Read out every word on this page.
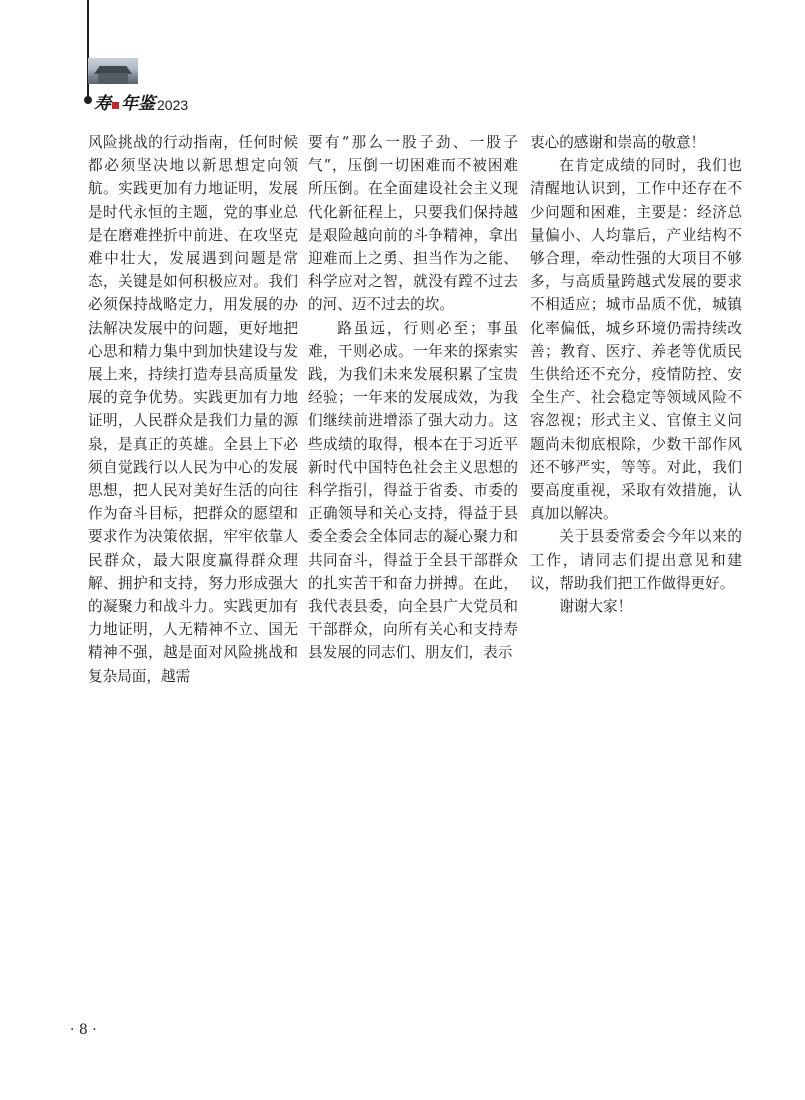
寿 年鉴 2023

风险挑战的行动指南，任何时候都必须坚决地以新思想定向领航。实践更加有力地证明，发展是时代永恒的主题，党的事业总是在磨难挫折中前进、在攻坚克难中壮大，发展遇到问题是常态，关键是如何积极应对。我们必须保持战略定力，用发展的办法解决发展中的问题，更好地把心思和精力集中到加快建设与发展上来，持续打造寿县高质量发展的竞争优势。实践更加有力地证明，人民群众是我们力量的源泉，是真正的英雄。全县上下必须自觉践行以人民为中心的发展思想，把人民对美好生活的向往作为奋斗目标，把群众的愿望和要求作为决策依据，牢牢依靠人民群众，最大限度赢得群众理解、拥护和支持，努力形成强大的凝聚力和战斗力。实践更加有力地证明，人无精神不立、国无精神不强，越是面对风险挑战和复杂局面，越需

要有“那么一股子劲、一股子气”，压倒一切困难而不被困难所压倒。在全面建设社会主义现代化新征程上，只要我们保持越是艰险越向前的斗争精神，拿出迎难而上之勇、担当作为之能、科学应对之智，就没有蹚不过去的河、迈不过去的坎。

路虽远，行则必至；事虽难，干则必成。一年来的探索实践，为我们未来发展积累了宝贵经验；一年来的发展成效，为我们继续前进增添了强大动力。这些成绩的取得，根本在于习近平新时代中国特色社会主义思想的科学指引，得益于省委、市委的正确领导和关心支持，得益于县委全委会全体同志的凝心聚力和共同奋斗，得益于全县干部群众的扎实苦干和奋力拼搏。在此，我代表县委，向全县广大党员和干部群众，向所有关心和支持寿县发展的同志们、朋友们，表示

衷心的感谢和崇高的敬意！

在肯定成绩的同时，我们也清醒地认识到，工作中还存在不少问题和困难，主要是：经济总量偏小、人均靠后，产业结构不够合理，牵动性强的大项目不够多，与高质量跨越式发展的要求不相适应；城市品质不优，城镇化率偏低，城乡环境仍需持续改善；教育、医疗、养老等优质民生供给还不充分，疫情防控、安全生产、社会稳定等领域风险不容忽视；形式主义、官僚主义问题尚未彻底根除，少数干部作风还不够严实，等等。对此，我们要高度重视，采取有效措施，认真加以解决。

关于县委常委会今年以来的工作，请同志们提出意见和建议，帮助我们把工作做得更好。

谢谢大家！

· 8 ·
